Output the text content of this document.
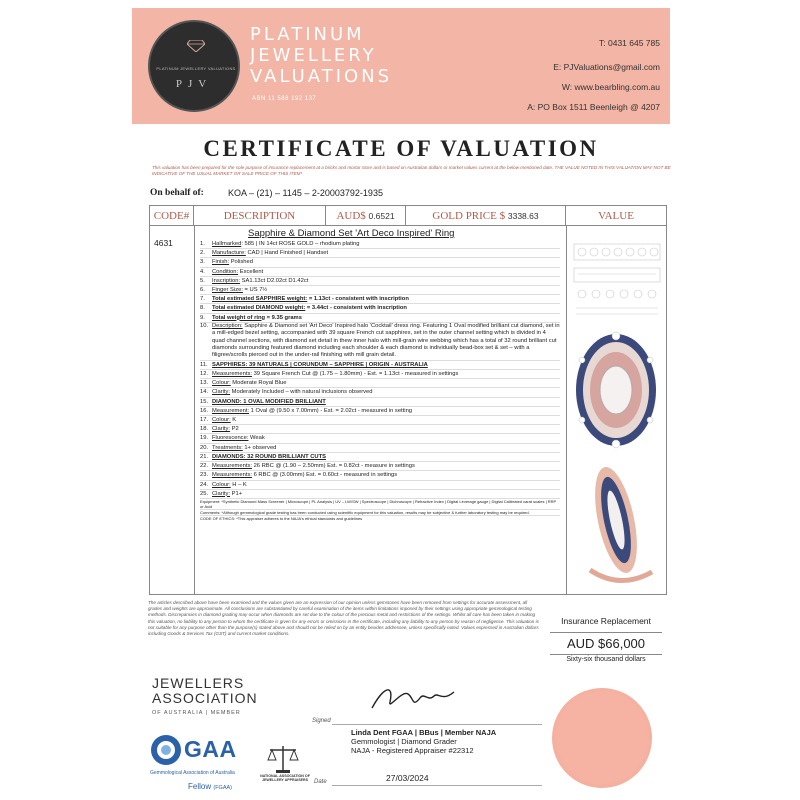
PLATINUM JEWELLERY VALUATIONS
PJV
PLATINUM
JEWELLERY
VALUATIONS
ABN 11 588 192 137
T: 0431 645 785
E: PJValuations@gmail.com
W: www.bearbling.com.au
A: PO Box 1511 Beenleigh @ 4207
CERTIFICATE OF VALUATION
This valuation has been prepared for the sole purpose of insurance replacement at a bricks and mortar store and is based on Australian dollars or market values current at the below mentioned date. THE VALUE NOTED IN THIS VALUATION MAY NOT BE INDICATIVE OF THE USUAL MARKET OR SALE PRICE OF THIS ITEM*
On behalf of:	KOA – (21) – 1145 – 2-20003792-1935
CODE#	DESCRIPTION	AUD$ 0.6521	GOLD PRICE $ 3338.63	VALUE
4631
Sapphire & Diamond Set 'Art Deco Inspired' Ring
1. Hallmarked: 585 | IN 14ct ROSE GOLD – rhodium plating
2. Manufacture: CAD | Hand Finished | Handset
3. Finish: Polished
4. Condition: Excellent
5. Inscription: SA1.13ct D2.02ct D1.42ct
6. Finger Size: = US 7½
7. Total estimated SAPPHIRE weight: = 1.13ct - consistent with inscription
8. Total estimated DIAMOND weight: = 3.44ct - consistent with inscription
9. Total weight of ring = 9.35 grams
10. Description: Sapphire & Diamond set 'Art Deco' Inspired halo 'Cocktail' dress ring. Featuring 1 Oval modified brilliant cut diamond, set in a mill-edged bezel setting, accompanied with 39 square French cut sapphires, set in the outer channel setting which is divided in 4 quad channel sections, with diamond set detail in thew inner halo with mill-grain wire webbing which has a total of 32 round brilliant cut diamonds surrounding featured diamond including each shoulder & each diamond is individually bead-box set & set – with a filigree/scrolls pierced out in the under-rail finishing with mill grain detail.
11. SAPPHIRES: 39 NATURALS | CORUNDUM – SAPPHIRE | ORIGIN - AUSTRALIA
12. Measurements: 39 Square French Cut @ (1.75 – 1.80mm) - Est. = 1.13ct - measured in settings
13. Colour: Moderate Royal Blue
14. Clarity: Moderately Included – with natural inclusions observed
15. DIAMOND: 1 OVAL MODIFIED BRILLIANT
16. Measurement: 1 Oval @ (9.50 x 7.00mm) - Est. = 2.02ct - measured in setting
17. Colour: K
18. Clarity: P2
19. Fluorescence: Weak
20. Treatments: 1+ observed
21. DIAMONDS: 32 ROUND BRILLIANT CUTS
22. Measurements: 26 RBC @ (1.90 – 2.50mm) Est. = 0.82ct - measure in settings
23. Measurements: 6 RBC @ (3.00mm) Est. = 0.60ct - measured in settings
24. Colour: H – K
25. Clarity: P1+
Equipment: *Synthetic Diamond Mass Screener | Microscope | PL Analysis | UV – LW/SW | Spectroscope | Dichroscope | Refractive Index | Digital Leverage gauge | Digital Calibrated carat scales | RRP or Acid
Comments: *Although gemmological grade testing has been conducted using scientific equipment for this valuation, results may be subjective & further laboratory testing may be required.
CODE OF ETHICS: *This appraiser adheres to the NAJA's ethical standards and guidelines
The articles described above have been examined and the values given are an expression of our opinion unless gemstones have been removed from settings for accurate assessment, all grades and weights are approximate. All conclusions are substantiated by careful examination of the items within limitations imposed by their settings using appropriate gemmological testing methods. Discrepancies in diamond grading may occur when diamonds are set due to the colour of the precious metal and restrictions of the settings. Whilst all care has been taken in making this valuation, no liability to any person to whom the certificate is given for any errors or omissions in the certificate, including any liability to any person by reason of negligence. This valuation is not suitable for any purpose other than the purpose(s) stated above and should not be relied on by an entity besides addressee, unless specifically noted. Values expressed in Australian dollars including Goods & Services Tax (GST) and current market conditions.
Insurance Replacement
AUD $66,000
Sixty-six thousand dollars
JEWELLERS
ASSOCIATION
OF AUSTRALIA | MEMBER
Signed
Linda Dent FGAA | BBus | Member NAJA
Gemmologist | Diamond Grader
NAJA - Registered Appraiser #22312
Date	27/03/2024
GAA
Gemmological Association of Australia
Fellow (FGAA)
NATIONAL ASSOCIATION OF JEWELLERY APPRAISERS
